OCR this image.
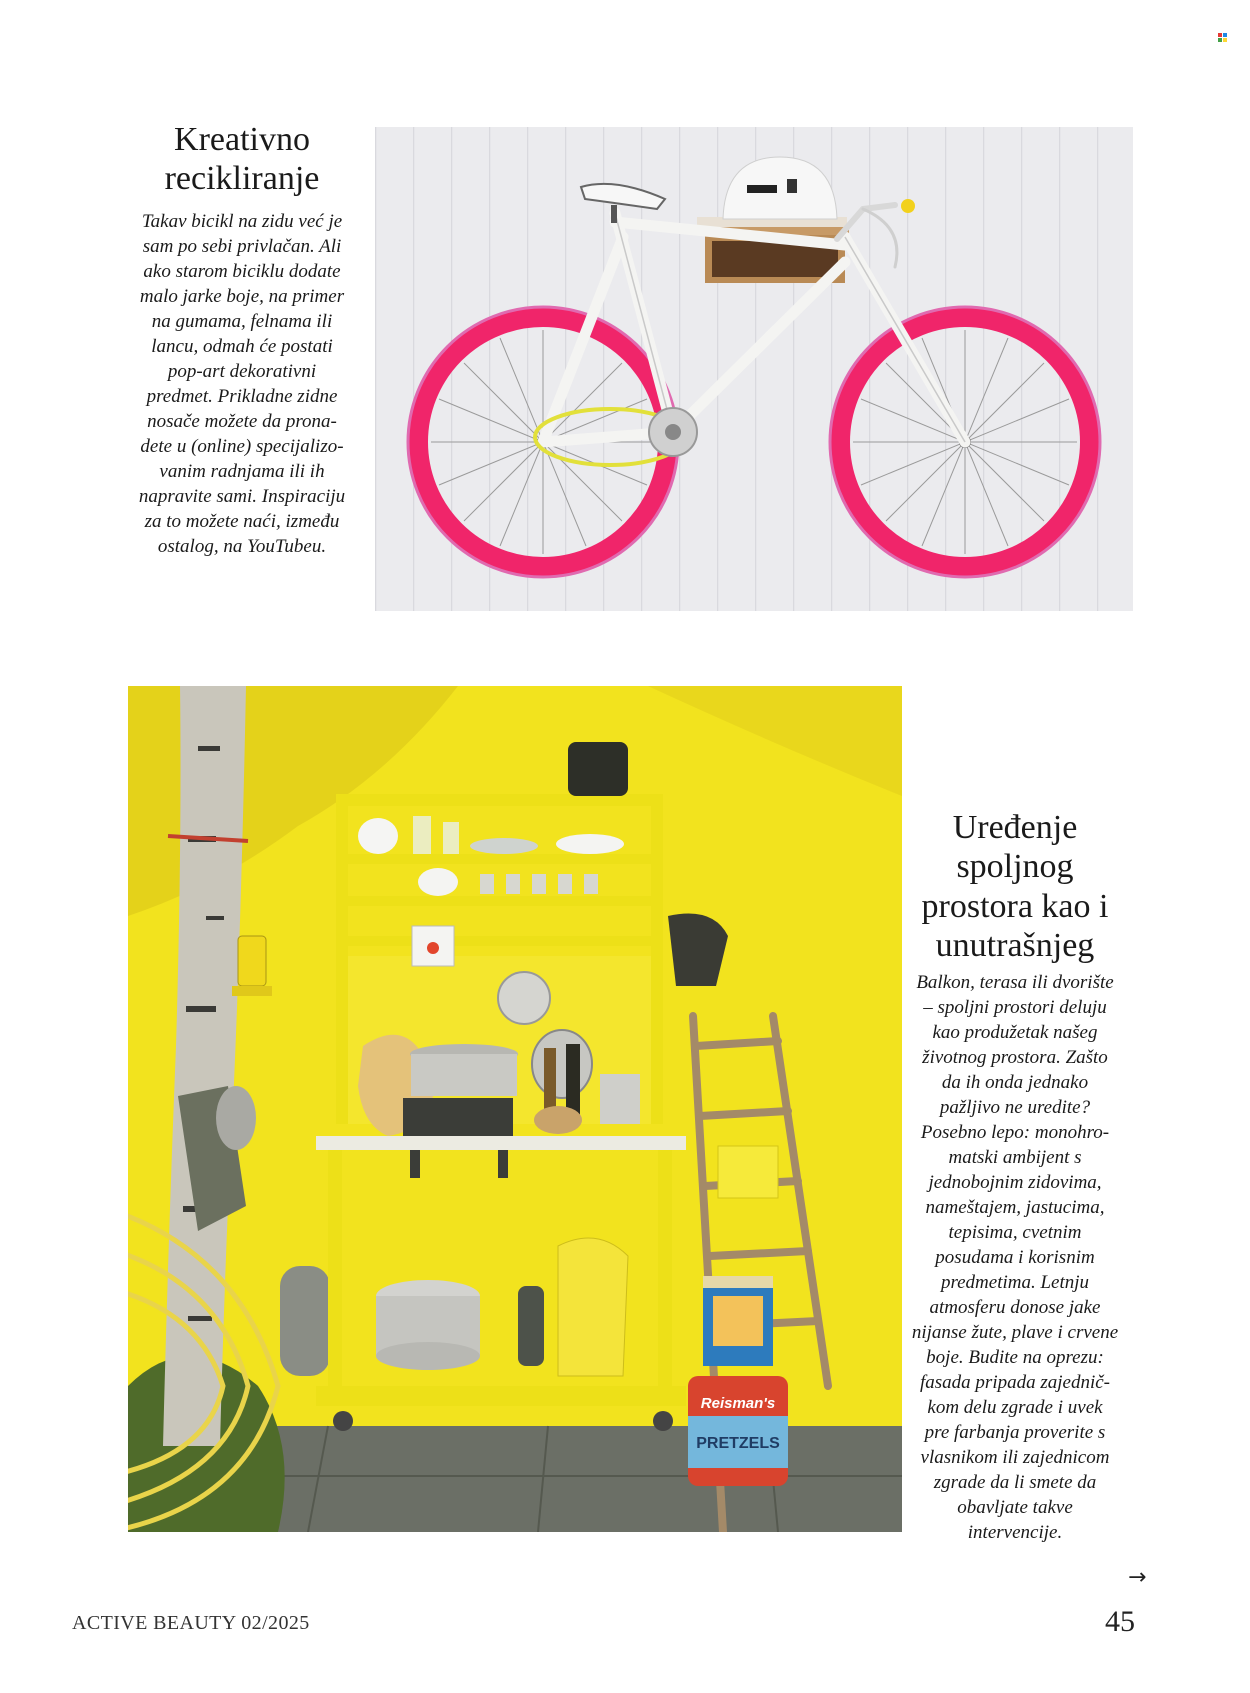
Kreativno
recikliranje

Takav bicikl na zidu već je
sam po sebi privlačan. Ali
ako starom biciklu dodate
malo jarke boje, na primer
na gumama, felnama ili
lancu, odmah će postati
pop-art dekorativni
predmet. Prikladne zidne
nosače možete da prona-
dete u (online) specijalizo-
vanim radnjama ili ih
napravite sami. Inspiraciju
za to možete naći, između
ostalog, na YouTubeu.

Reisman's
PRETZELS
Uređenje
spoljnog
prostora kao i
unutrašnjeg

Balkon, terasa ili dvorište
– spoljni prostori deluju
kao produžetak našeg
životnog prostora. Zašto
da ih onda jednako
pažljivo ne uredite?
Posebno lepo: monohro-
matski ambijent s
jednobojnim zidovima,
nameštajem, jastucima,
tepisima, cvetnim
posudama i korisnim
predmetima. Letnju
atmosferu donose jake
nijanse žute, plave i crvene
boje. Budite na oprezu:
fasada pripada zajednič-
kom delu zgrade i uvek
pre farbanja proverite s
vlasnikom ili zajednicom
zgrade da li smete da
obavljate takve
intervencije.

→
ACTIVE BEAUTY 02/2025	45
